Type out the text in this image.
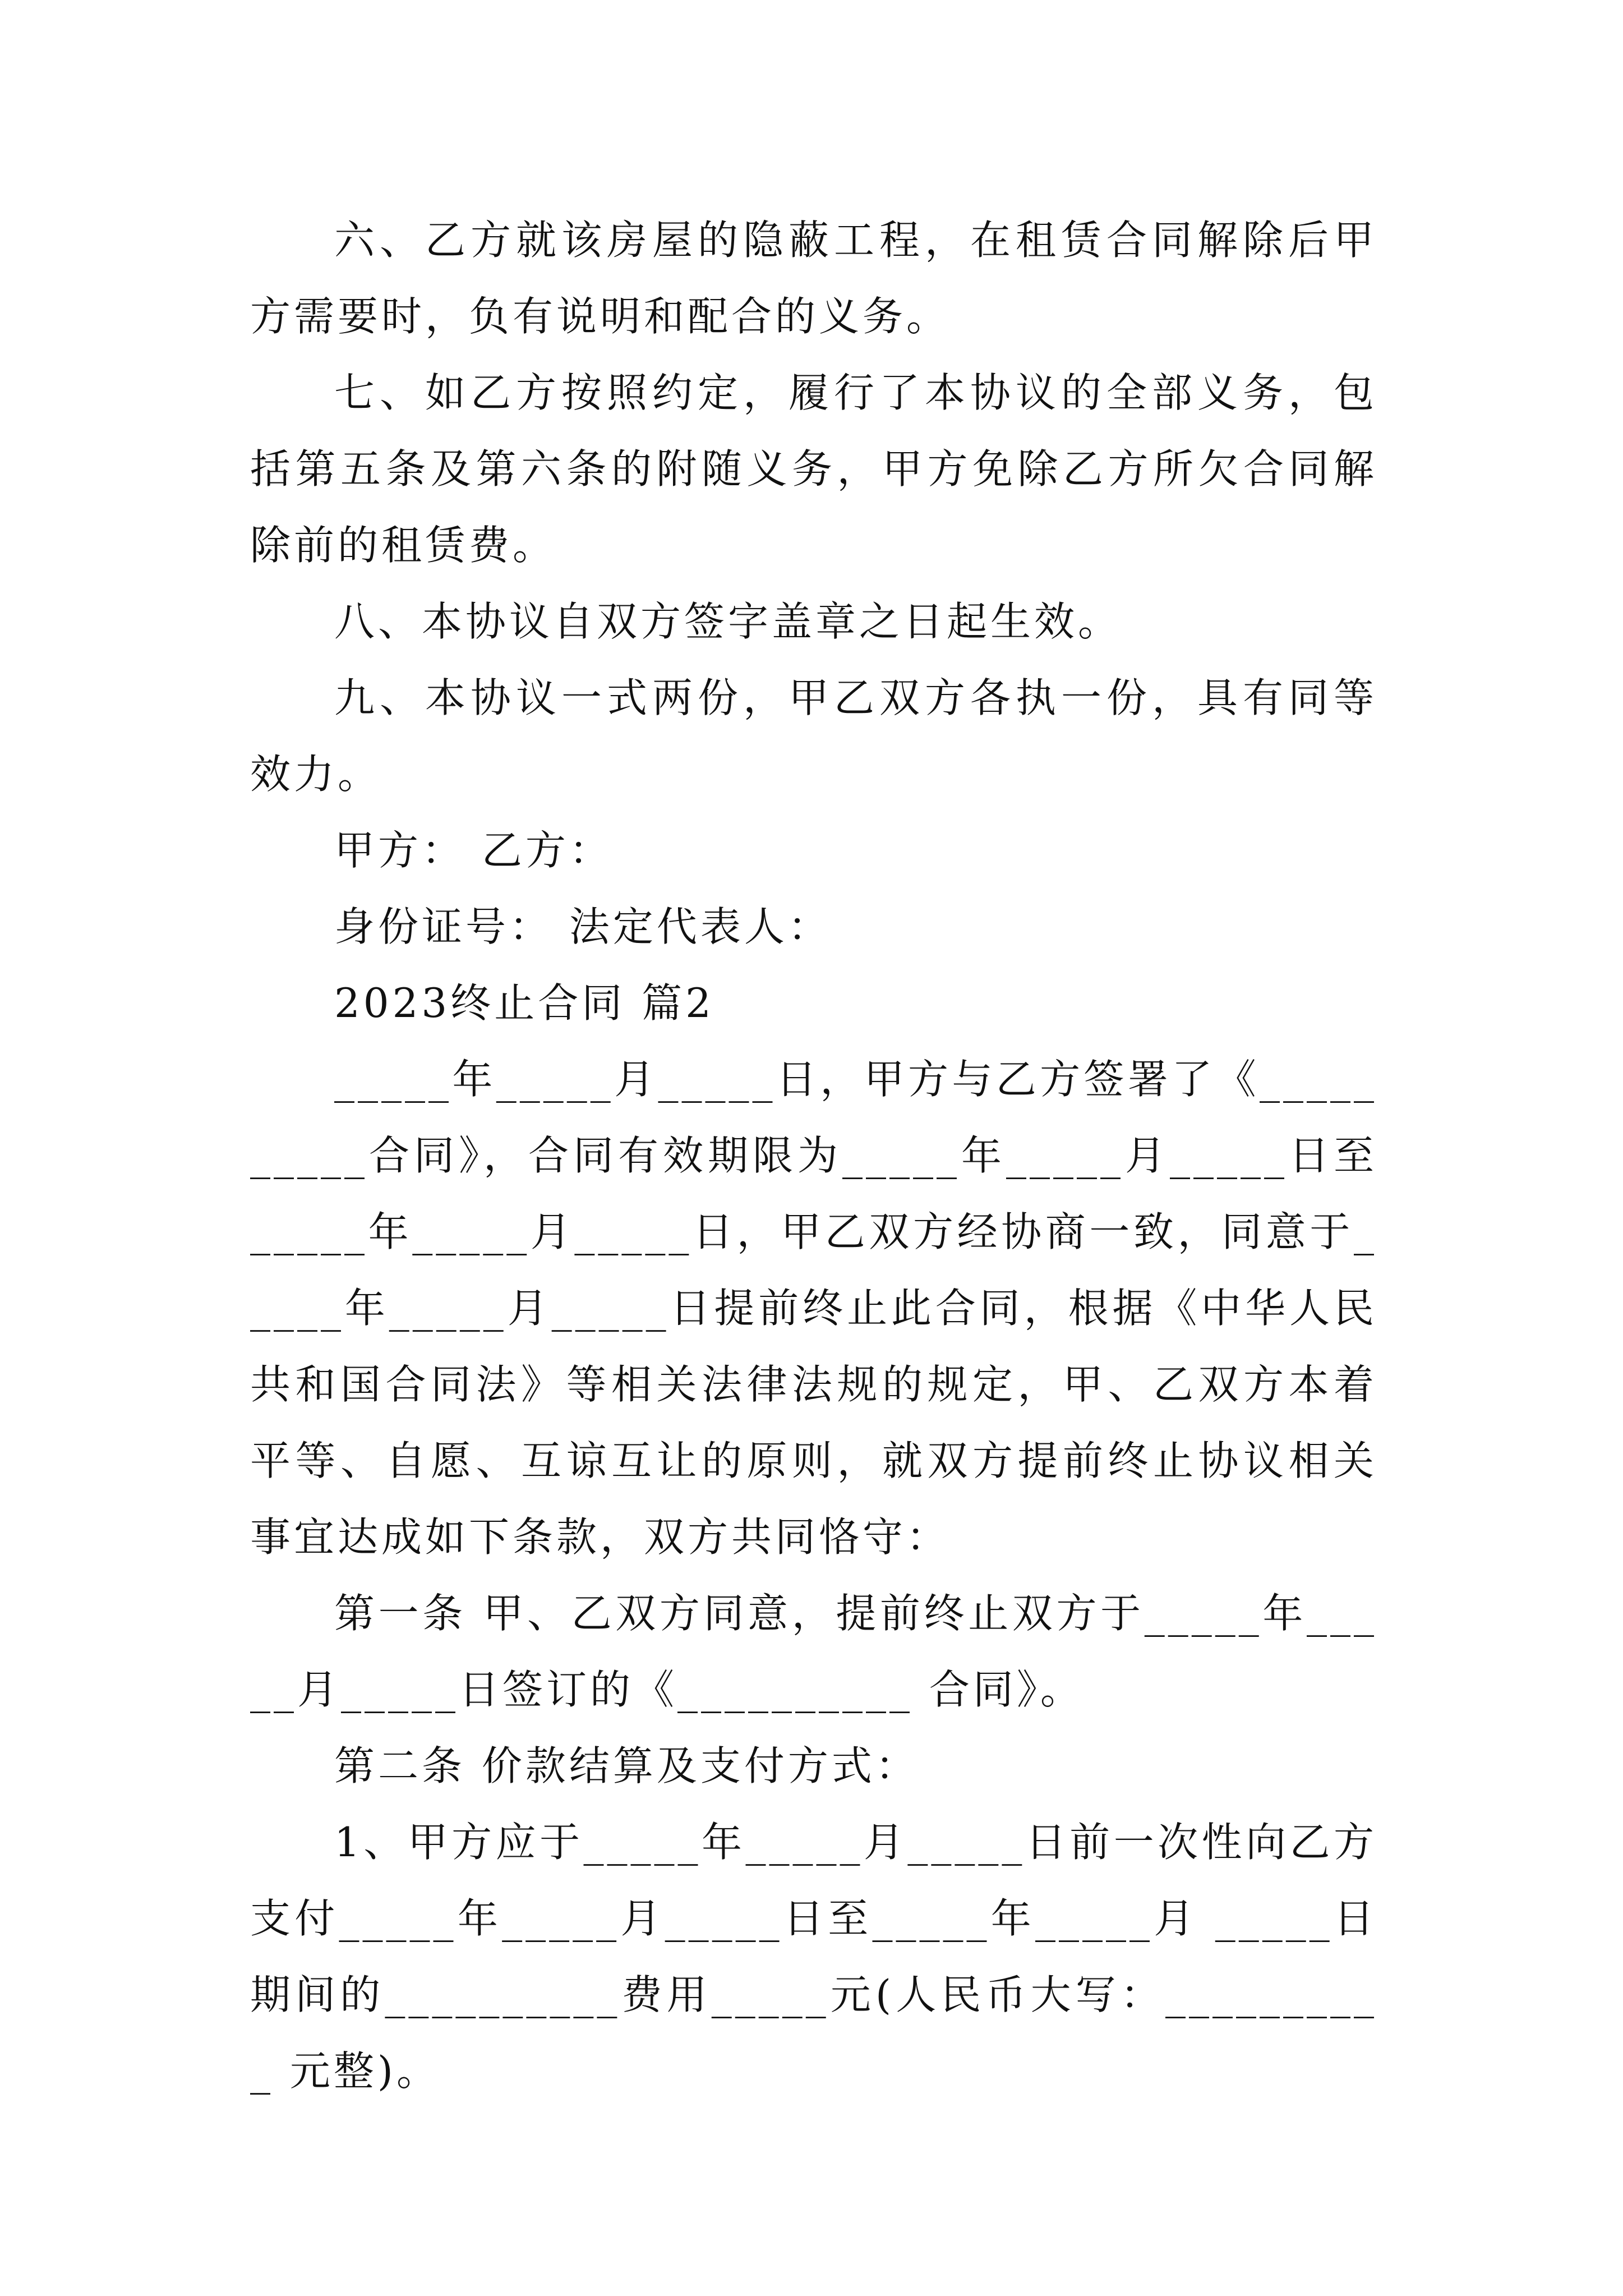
六、乙方就该房屋的隐蔽工程，在租赁合同解除后甲方需要时，负有说明和配合的义务。

七、如乙方按照约定，履行了本协议的全部义务，包括第五条及第六条的附随义务，甲方免除乙方所欠合同解除前的租赁费。

八、本协议自双方签字盖章之日起生效。

九、本协议一式两份，甲乙双方各执一份，具有同等效力。

甲方： 乙方：

身份证号： 法定代表人：

2023终止合同 篇2

_____年_____月_____日，甲方与乙方签署了《__________合同》，合同有效期限为_____年_____月_____日至_____年_____月_____日，甲乙双方经协商一致，同意于_____年_____月_____日提前终止此合同，根据《中华人民共和国合同法》等相关法律法规的规定，甲、乙双方本着平等、自愿、互谅互让的原则，就双方提前终止协议相关事宜达成如下条款，双方共同恪守：

第一条 甲、乙双方同意，提前终止双方于_____年_____月_____日签订的《__________ 合同》。

第二条 价款结算及支付方式：

1、甲方应于_____年_____月_____日前一次性向乙方支付_____年_____月_____日至_____年_____月 _____日期间的__________费用_____元(人民币大写：__________ 元整)。
